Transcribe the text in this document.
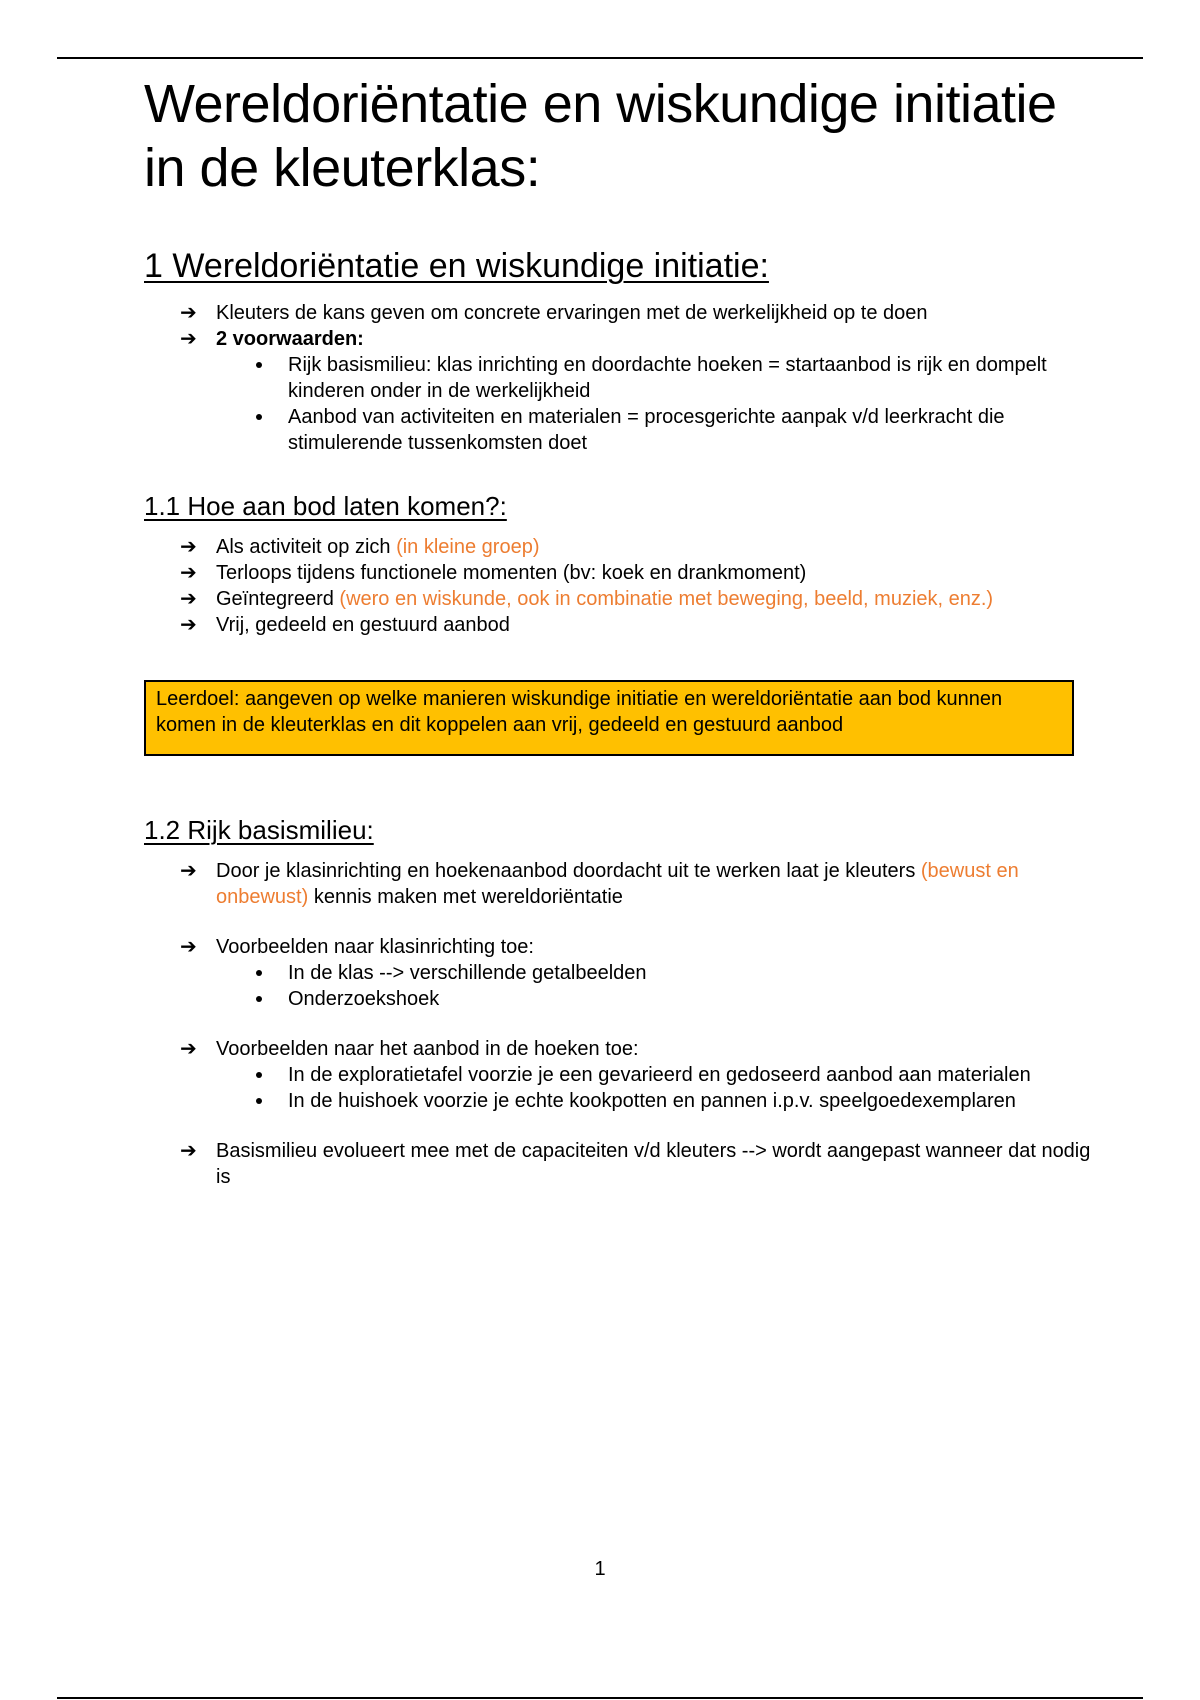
Wereldoriëntatie en wiskundige initiatie in de kleuterklas:
1 Wereldoriëntatie en wiskundige initiatie:
➔ Kleuters de kans geven om concrete ervaringen met de werkelijkheid op te doen
➔ 2 voorwaarden:
Rijk basismilieu: klas inrichting en doordachte hoeken = startaanbod is rijk en dompelt kinderen onder in de werkelijkheid
Aanbod van activiteiten en materialen = procesgerichte aanpak v/d leerkracht die stimulerende tussenkomsten doet
1.1 Hoe aan bod laten komen?:
➔ Als activiteit op zich (in kleine groep)
➔ Terloops tijdens functionele momenten (bv: koek en drankmoment)
➔ Geïntegreerd (wero en wiskunde, ook in combinatie met beweging, beeld, muziek, enz.)
➔ Vrij, gedeeld en gestuurd aanbod
Leerdoel: aangeven op welke manieren wiskundige initiatie en wereldoriëntatie aan bod kunnen komen in de kleuterklas en dit koppelen aan vrij, gedeeld en gestuurd aanbod
1.2 Rijk basismilieu:
➔ Door je klasinrichting en hoekenaanbod doordacht uit te werken laat je kleuters (bewust en onbewust) kennis maken met wereldoriëntatie
➔ Voorbeelden naar klasinrichting toe:
In de klas --> verschillende getalbeelden
Onderzoekshoek
➔ Voorbeelden naar het aanbod in de hoeken toe:
In de exploratietafel voorzie je een gevarieerd en gedoseerd aanbod aan materialen
In de huishoek voorzie je echte kookpotten en pannen i.p.v. speelgoedexemplaren
➔ Basismilieu evolueert mee met de capaciteiten v/d kleuters --> wordt aangepast wanneer dat nodig is
1
